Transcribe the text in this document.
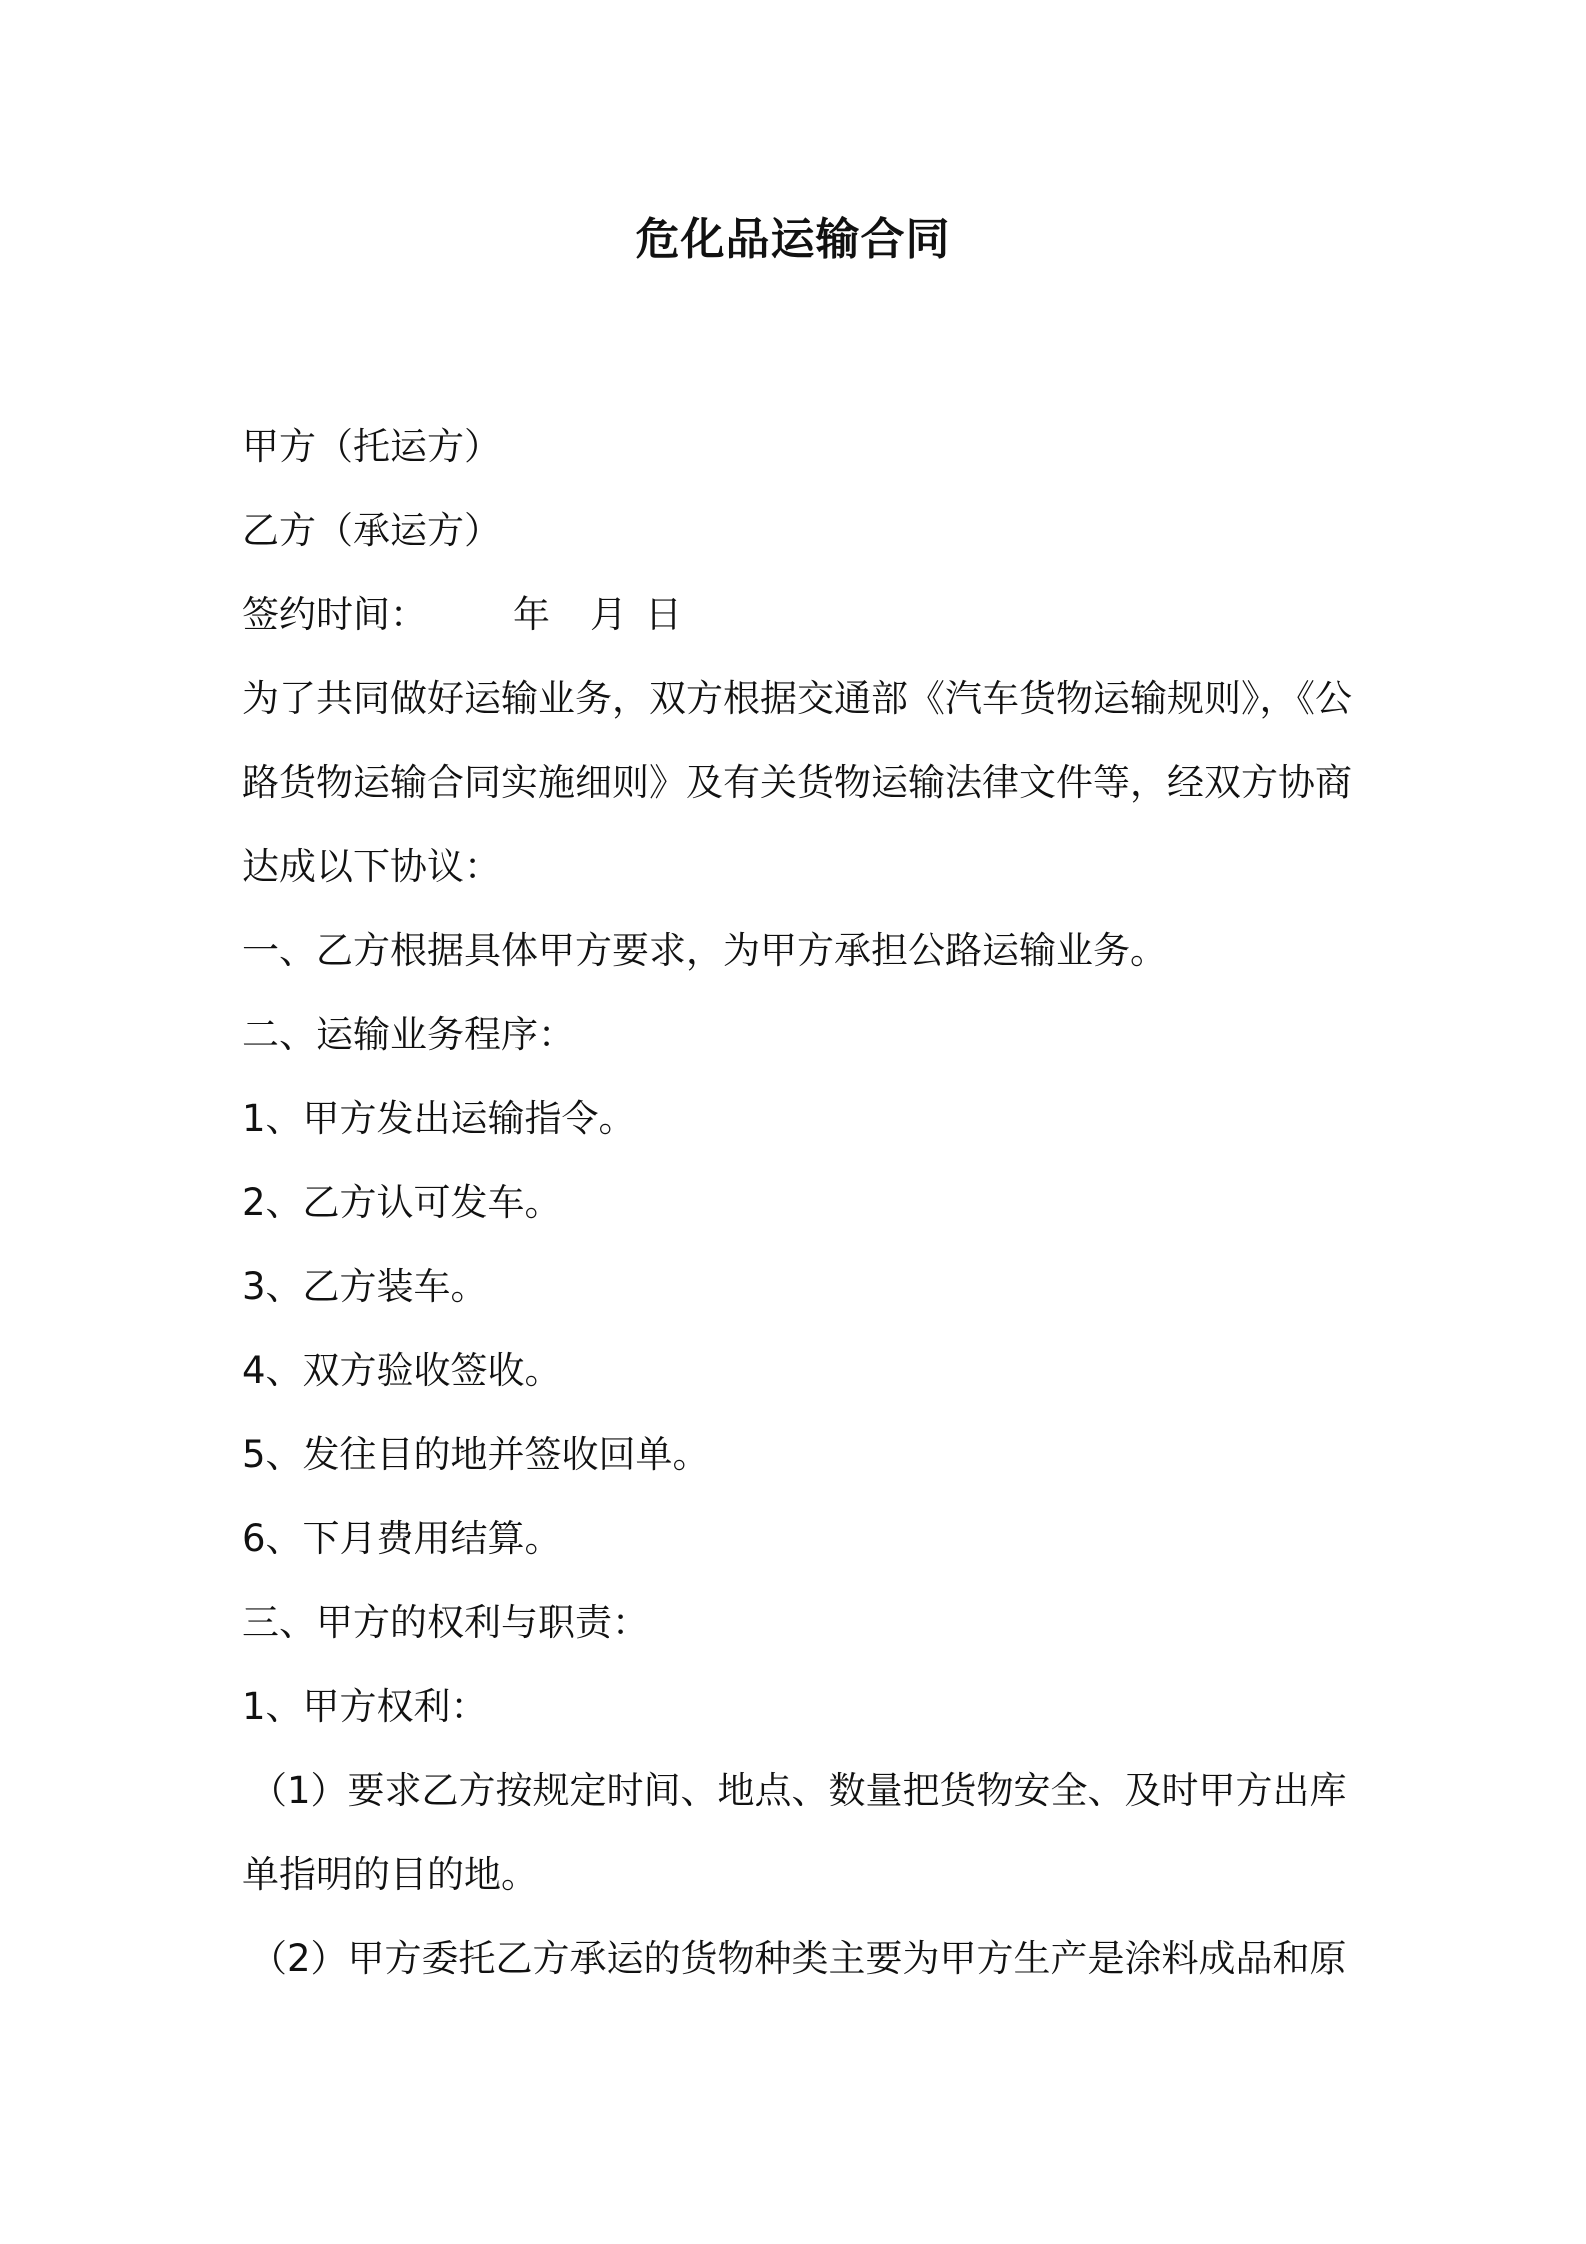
危化品运输合同
甲方（托运方）
乙方（承运方）
签约时间： 年 月 日
为了共同做好运输业务，双方根据交通部《汽车货物运输规则》，《公
路货物运输合同实施细则》及有关货物运输法律文件等，经双方协商
达成以下协议：
一、乙方根据具体甲方要求，为甲方承担公路运输业务。
二、运输业务程序：
1、甲方发出运输指令。
2、乙方认可发车。
3、乙方装车。
4、双方验收签收。
5、发往目的地并签收回单。
6、下月费用结算。
三、甲方的权利与职责：
1、甲方权利：
（1）要求乙方按规定时间、地点、数量把货物安全、及时甲方出库
单指明的目的地。
（2）甲方委托乙方承运的货物种类主要为甲方生产是涂料成品和原
